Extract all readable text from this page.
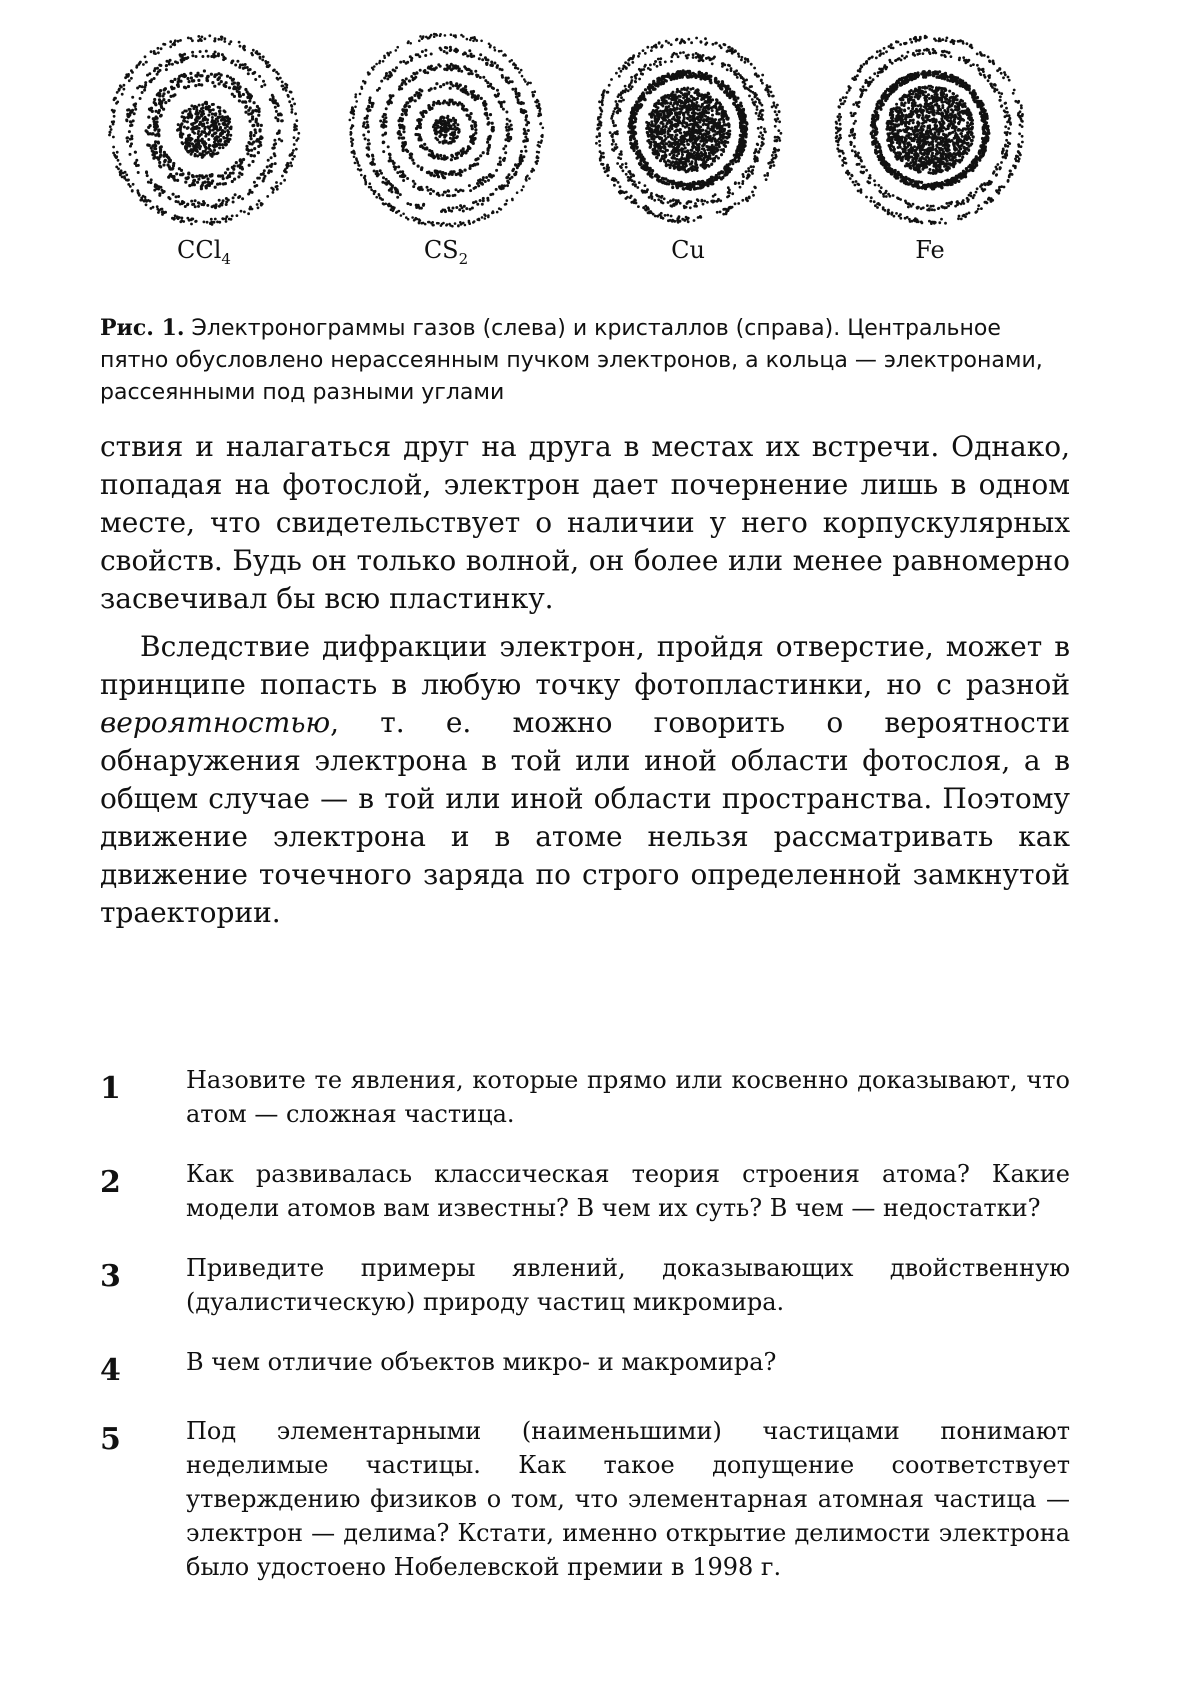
CCl$_4$	$CS_2$	Cu	Fe
Рис. 1. Электронограммы газов (слева) и кристаллов (справа). Центральное пятно обусловлено нерассеянным пучком электронов, а кольца — электронами, рассеянными под разными углами

ствия и налагаться друг на друга в местах их встречи. Однако, попадая на фотослой, электрон дает почернение лишь в одном месте, что свидетельствует о наличии у него корпускулярных свойств. Будь он только волной, он более или менее равномерно засвечивал бы всю пластинку.

Вследствие дифракции электрон, пройдя отверстие, может в принципе попасть в любую точку фотопластинки, но с разной вероятностью, т. е. можно говорить о вероятности обнаружения электрона в той или иной области фотослоя, а в общем случае — в той или иной области пространства. Поэтому движение электрона и в атоме нельзя рассматривать как движение точечного заряда по строго определенной замкнутой траектории.

1	Назовите те явления, которые прямо или косвенно доказывают, что атом — сложная частица.
2	Как развивалась классическая теория строения атома? Какие модели атомов вам известны? В чем их суть? В чем — недостатки?
3	Приведите примеры явлений, доказывающих двойственную (дуалистическую) природу частиц микромира.
4	В чем отличие объектов микро- и макромира?
5	Под элементарными (наименьшими) частицами понимают неделимые частицы. Как такое допущение соответствует утверждению физиков о том, что элементарная атомная частица — электрон — делима? Кстати, именно открытие делимости электрона было удостоено Нобелевской премии в 1998 г.
